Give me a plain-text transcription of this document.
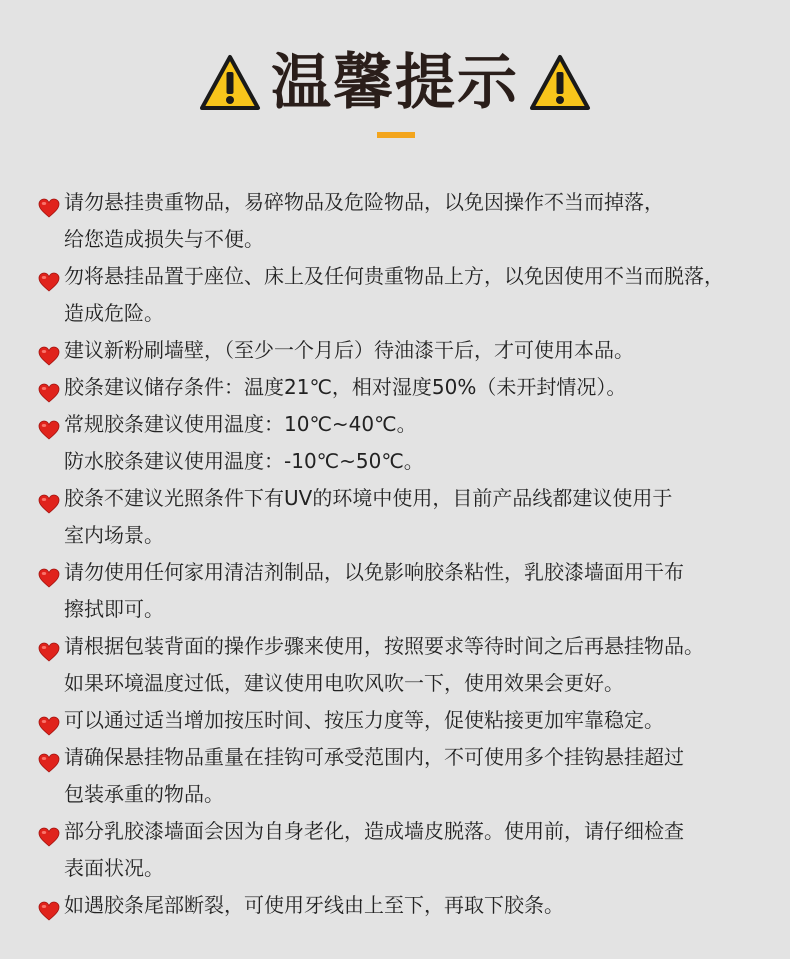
温馨提示
请勿悬挂贵重物品，易碎物品及危险物品，以免因操作不当而掉落，
给您造成损失与不便。
勿将悬挂品置于座位、床上及任何贵重物品上方，以免因使用不当而脱落，
造成危险。
建议新粉刷墙壁，（至少一个月后）待油漆干后，才可使用本品。
胶条建议储存条件：温度21℃，相对湿度50%（未开封情况）。
常规胶条建议使用温度：10℃~40℃。
防水胶条建议使用温度：-10℃~50℃。
胶条不建议光照条件下有UV的环境中使用，目前产品线都建议使用于
室内场景。
请勿使用任何家用清洁剂制品，以免影响胶条粘性，乳胶漆墙面用干布
擦拭即可。
请根据包装背面的操作步骤来使用，按照要求等待时间之后再悬挂物品。
如果环境温度过低，建议使用电吹风吹一下，使用效果会更好。
可以通过适当增加按压时间、按压力度等，促使粘接更加牢靠稳定。
请确保悬挂物品重量在挂钩可承受范围内，不可使用多个挂钩悬挂超过
包装承重的物品。
部分乳胶漆墙面会因为自身老化，造成墙皮脱落。使用前，请仔细检查
表面状况。
如遇胶条尾部断裂，可使用牙线由上至下，再取下胶条。
